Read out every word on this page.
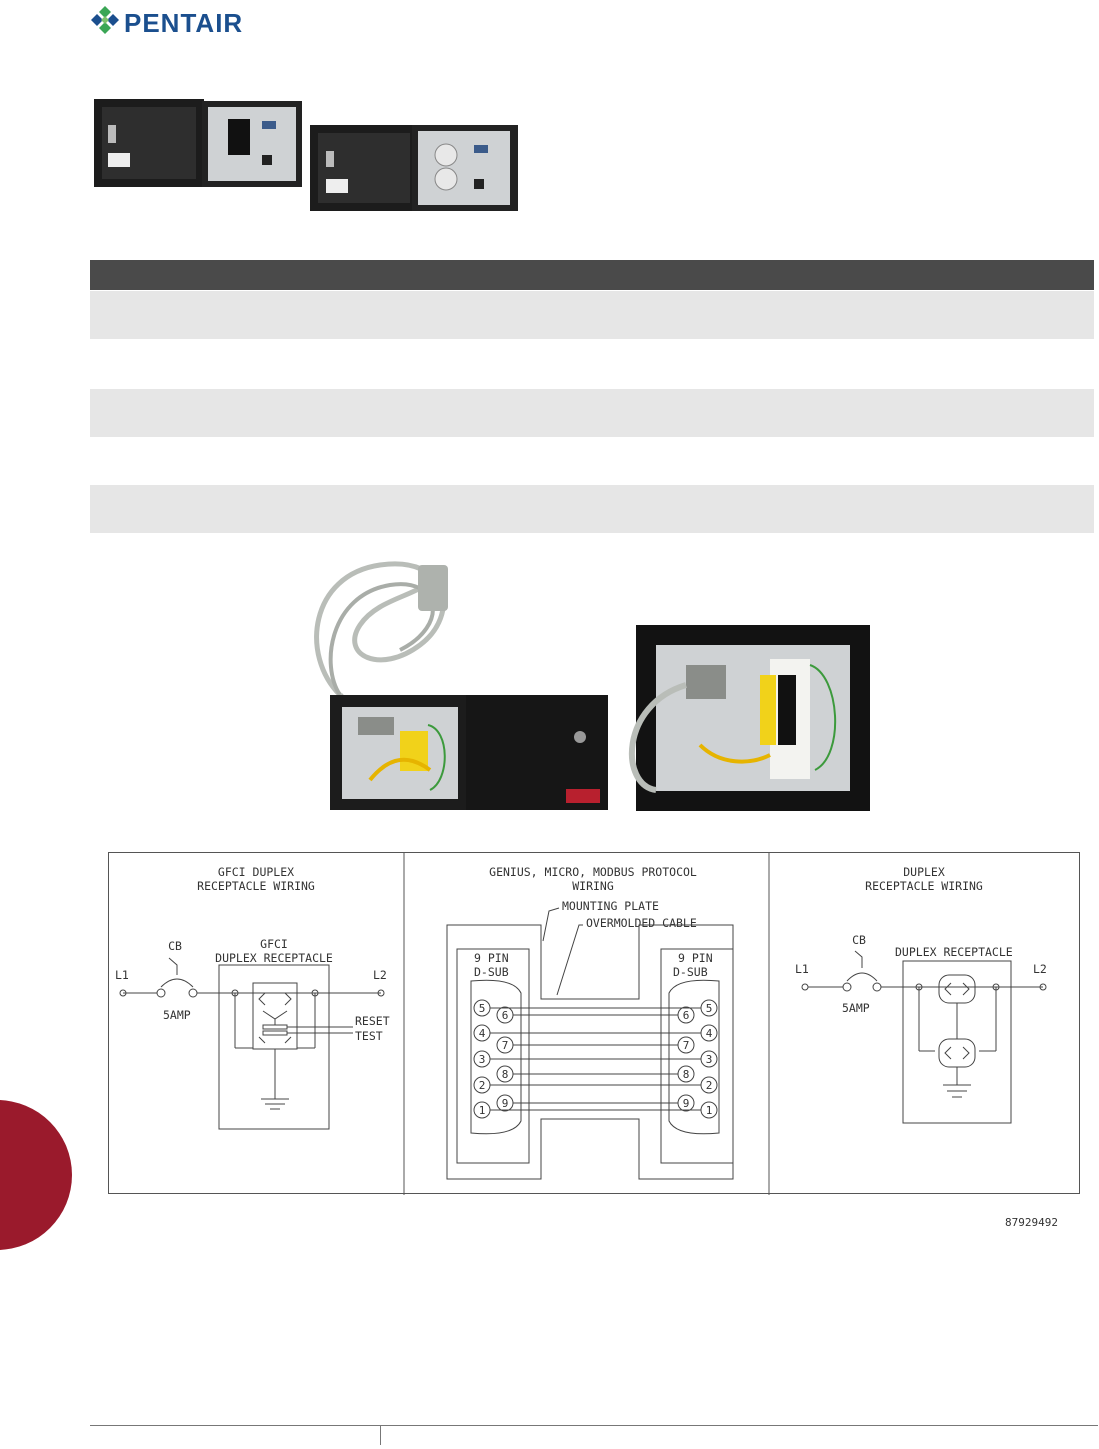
PENTAIR
GFCI DUPLEX
RECEPTACLE WIRING
CB	GFCI
DUPLEX RECEPTACLE
L1	L2
5AMP	RESET
TEST
GENIUS, MICRO, MODBUS PROTOCOL
WIRING
MOUNTING PLATE
OVERMOLDED CABLE
9 PIN
D-SUB
9 PIN
D-SUB
5
4
3
2
1
6
7
8
9
5
4
3
2
1
6
7
8
9
DUPLEX
RECEPTACLE WIRING
CB
DUPLEX RECEPTACLE
L1	L2
5AMP
87929492
